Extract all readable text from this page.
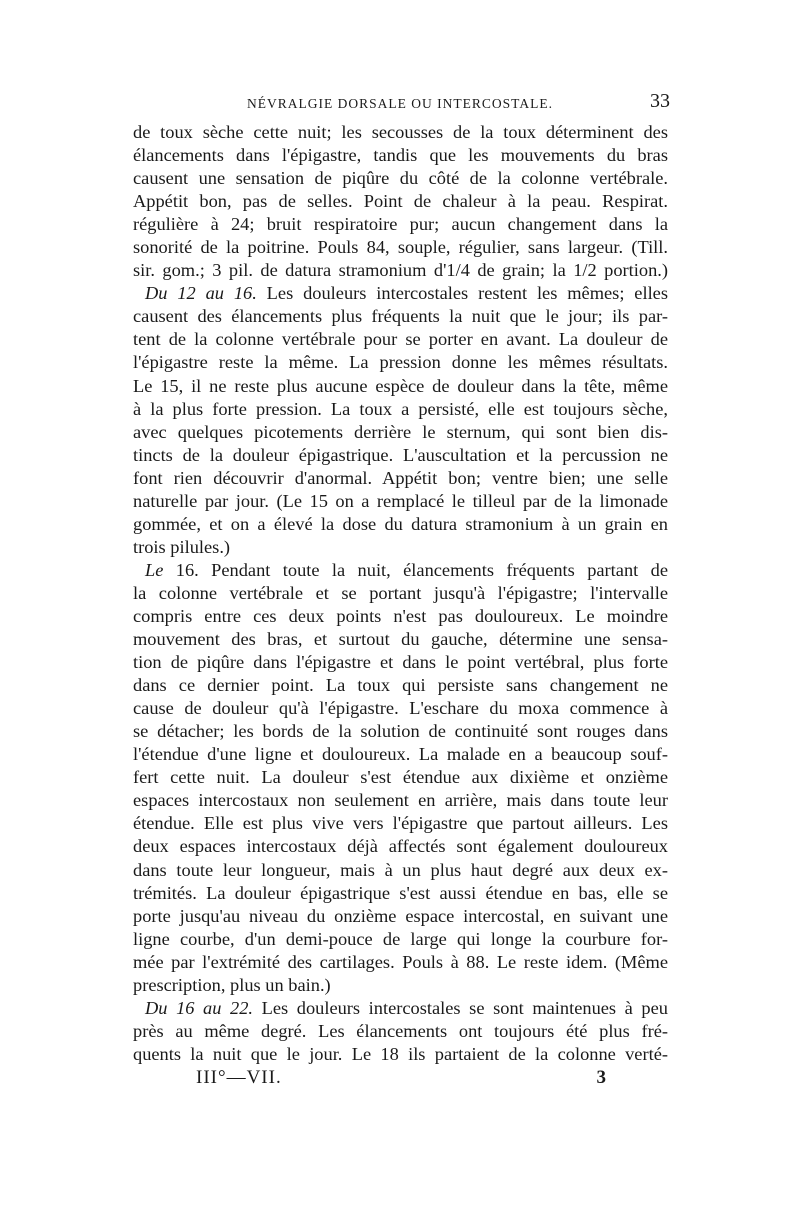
NÉVRALGIE DORSALE OU INTERCOSTALE.	33
de toux sèche cette nuit; les secousses de la toux déterminent des
élancements dans l'épigastre, tandis que les mouvements du bras
causent une sensation de piqûre du côté de la colonne vertébrale.
Appétit bon, pas de selles. Point de chaleur à la peau. Respirat.
régulière à 24; bruit respiratoire pur; aucun changement dans la
sonorité de la poitrine. Pouls 84, souple, régulier, sans largeur. (Till.
sir. gom.; 3 pil. de datura stramonium d'1/4 de grain; la 1/2 portion.)
Du 12 au 16. Les douleurs intercostales restent les mêmes; elles
causent des élancements plus fréquents la nuit que le jour; ils par-
tent de la colonne vertébrale pour se porter en avant. La douleur de
l'épigastre reste la même. La pression donne les mêmes résultats.
Le 15, il ne reste plus aucune espèce de douleur dans la tête, même
à la plus forte pression. La toux a persisté, elle est toujours sèche,
avec quelques picotements derrière le sternum, qui sont bien dis-
tincts de la douleur épigastrique. L'auscultation et la percussion ne
font rien découvrir d'anormal. Appétit bon; ventre bien; une selle
naturelle par jour. (Le 15 on a remplacé le tilleul par de la limonade
gommée, et on a élevé la dose du datura stramonium à un grain en
trois pilules.)
Le 16. Pendant toute la nuit, élancements fréquents partant de
la colonne vertébrale et se portant jusqu'à l'épigastre; l'intervalle
compris entre ces deux points n'est pas douloureux. Le moindre
mouvement des bras, et surtout du gauche, détermine une sensa-
tion de piqûre dans l'épigastre et dans le point vertébral, plus forte
dans ce dernier point. La toux qui persiste sans changement ne
cause de douleur qu'à l'épigastre. L'eschare du moxa commence à
se détacher; les bords de la solution de continuité sont rouges dans
l'étendue d'une ligne et douloureux. La malade en a beaucoup souf-
fert cette nuit. La douleur s'est étendue aux dixième et onzième
espaces intercostaux non seulement en arrière, mais dans toute leur
étendue. Elle est plus vive vers l'épigastre que partout ailleurs. Les
deux espaces intercostaux déjà affectés sont également douloureux
dans toute leur longueur, mais à un plus haut degré aux deux ex-
trémités. La douleur épigastrique s'est aussi étendue en bas, elle se
porte jusqu'au niveau du onzième espace intercostal, en suivant une
ligne courbe, d'un demi-pouce de large qui longe la courbure for-
mée par l'extrémité des cartilages. Pouls à 88. Le reste idem. (Même
prescription, plus un bain.)
Du 16 au 22. Les douleurs intercostales se sont maintenues à peu
près au même degré. Les élancements ont toujours été plus fré-
quents la nuit que le jour. Le 18 ils partaient de la colonne verté-
III°—VII.	3
